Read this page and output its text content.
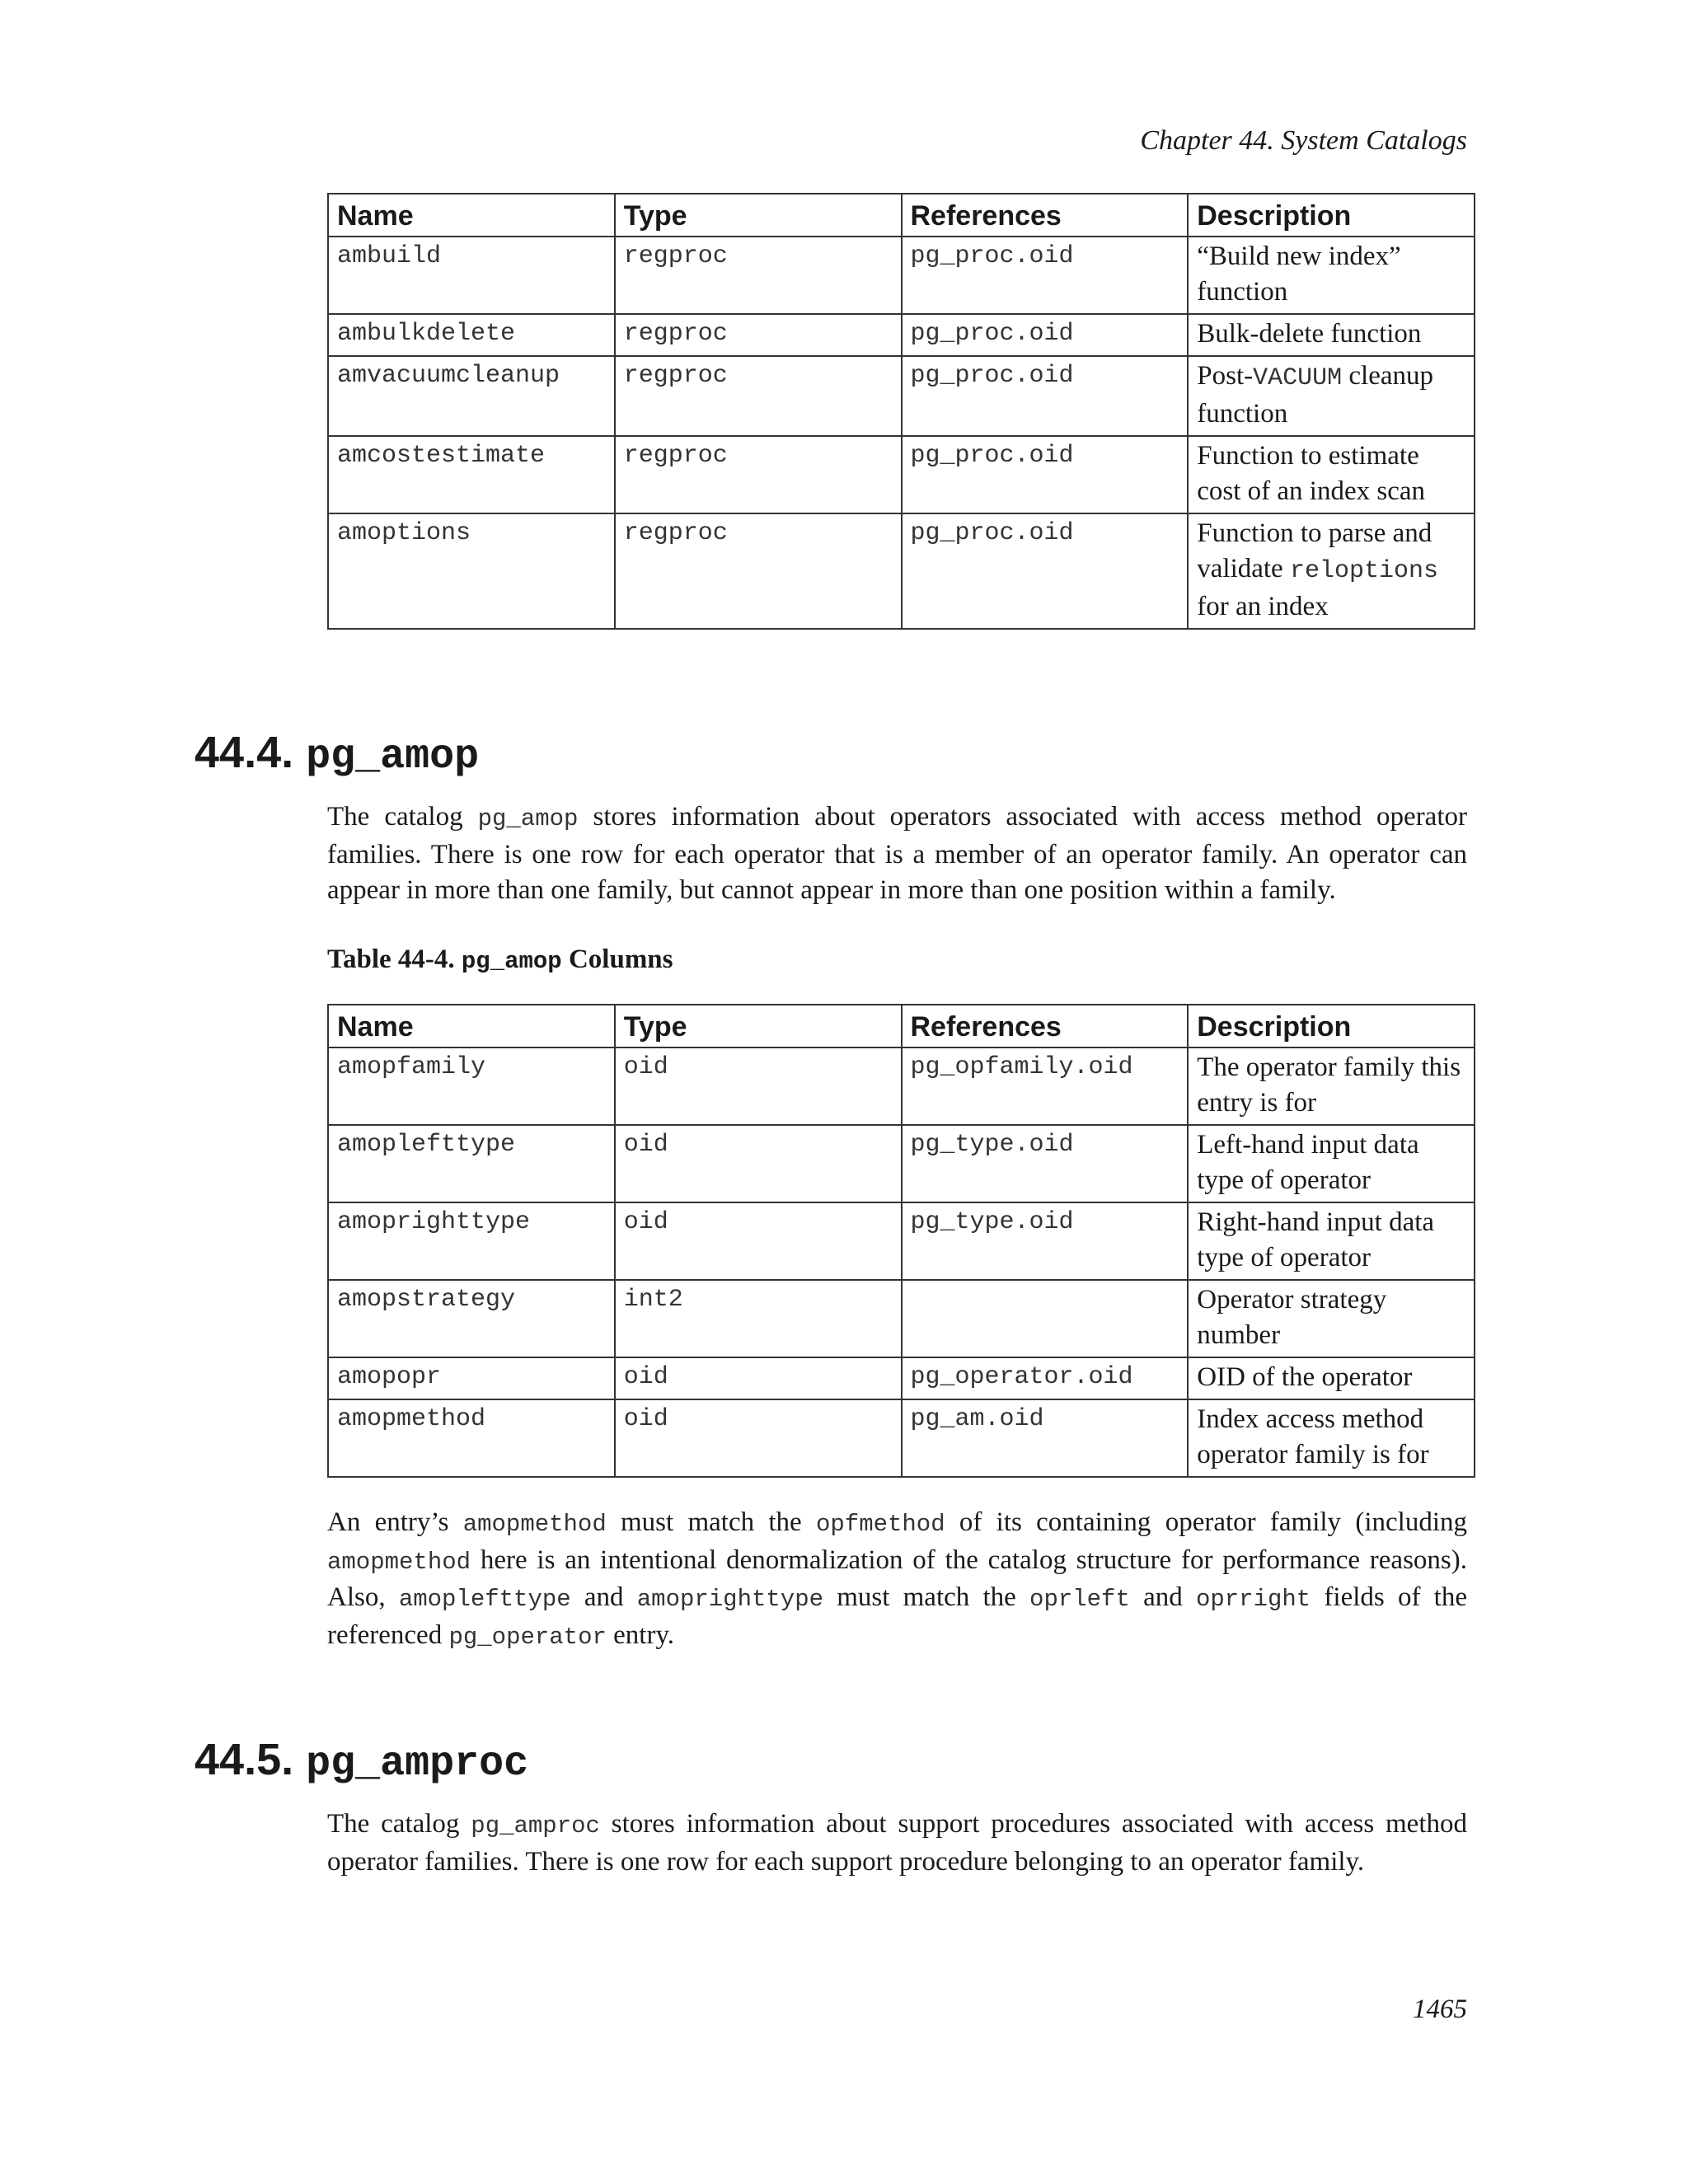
Chapter 44. System Catalogs
Name	Type	References	Description
ambuild	regproc	pg_proc.oid	“Build new index” function
ambulkdelete	regproc	pg_proc.oid	Bulk-delete function
amvacuumcleanup	regproc	pg_proc.oid	Post-VACUUM cleanup function
amcostestimate	regproc	pg_proc.oid	Function to estimate cost of an index scan
amoptions	regproc	pg_proc.oid	Function to parse and validate reloptions for an index
44.4. pg_amop

The catalog pg_amop stores information about operators associated with access method operator families. There is one row for each operator that is a member of an operator family. An operator can appear in more than one family, but cannot appear in more than one position within a family.

Table 44-4. pg_amop Columns

Name	Type	References	Description
amopfamily	oid	pg_opfamily.oid	The operator family this entry is for
amoplefttype	oid	pg_type.oid	Left-hand input data type of operator
amoprighttype	oid	pg_type.oid	Right-hand input data type of operator
amopstrategy	int2		Operator strategy number
amopopr	oid	pg_operator.oid	OID of the operator
amopmethod	oid	pg_am.oid	Index access method operator family is for

An entry’s amopmethod must match the opfmethod of its containing operator family (including amopmethod here is an intentional denormalization of the catalog structure for performance reasons). Also, amoplefttype and amoprighttype must match the oprleft and oprright fields of the referenced pg_operator entry.

44.5. pg_amproc

The catalog pg_amproc stores information about support procedures associated with access method operator families. There is one row for each support procedure belonging to an operator family.

1465
